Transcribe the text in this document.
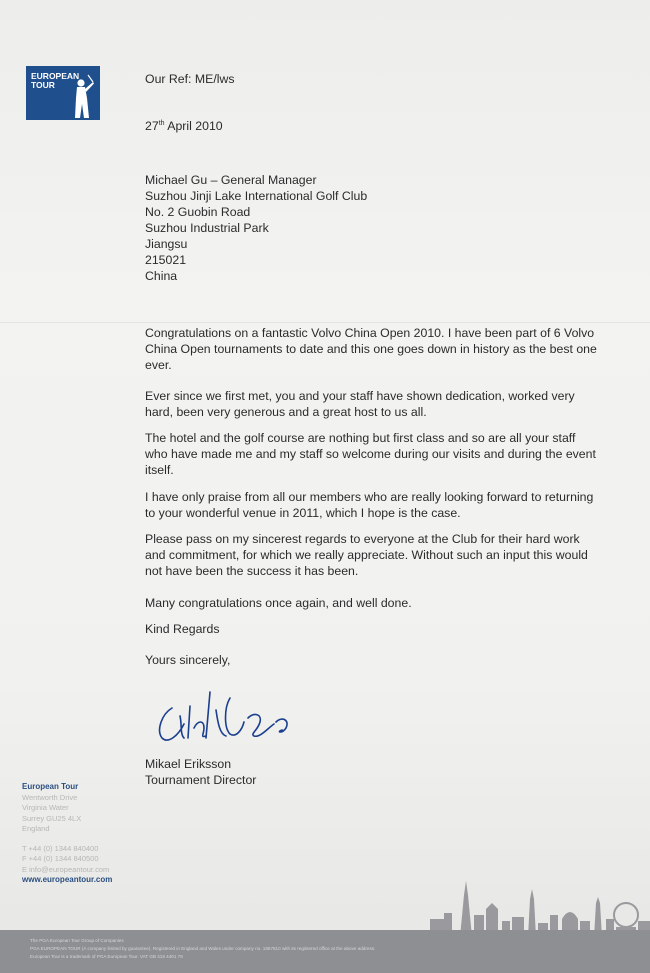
EUROPEAN
TOUR	Our Ref: ME/lws

27th April 2010

Michael Gu – General Manager
Suzhou Jinji Lake International Golf Club
No. 2 Guobin Road
Suzhou Industrial Park
Jiangsu
215021
China

Congratulations on a fantastic Volvo China Open 2010. I have been part of 6 Volvo China Open tournaments to date and this one goes down in history as the best one ever.

Ever since we first met, you and your staff have shown dedication, worked very hard, been very generous and a great host to us all.

The hotel and the golf course are nothing but first class and so are all your staff who have made me and my staff so welcome during our visits and during the event itself.

I have only praise from all our members who are really looking forward to returning to your wonderful venue in 2011, which I hope is the case.

Please pass on my sincerest regards to everyone at the Club for their hard work and commitment, for which we really appreciate. Without such an input this would not have been the success it has been.

Many congratulations once again, and well done.

Kind Regards

Yours sincerely,

Mikael Eriksson
Tournament Director
European Tour
Wentworth Drive
Virginia Water
Surrey GU25 4LX
England
T +44 (0) 1344 840400
F +44 (0) 1344 840500
E info@europeantour.com
www.europeantour.com
The PGA European Tour Group of Companies
PGA EUROPEAN TOUR (A company limited by guarantee). Registered in England and Wales under company no. 1867810 with its registered office at the above address.
European Tour is a trademark of PGA European Tour. VAT GB 419 4401 78
